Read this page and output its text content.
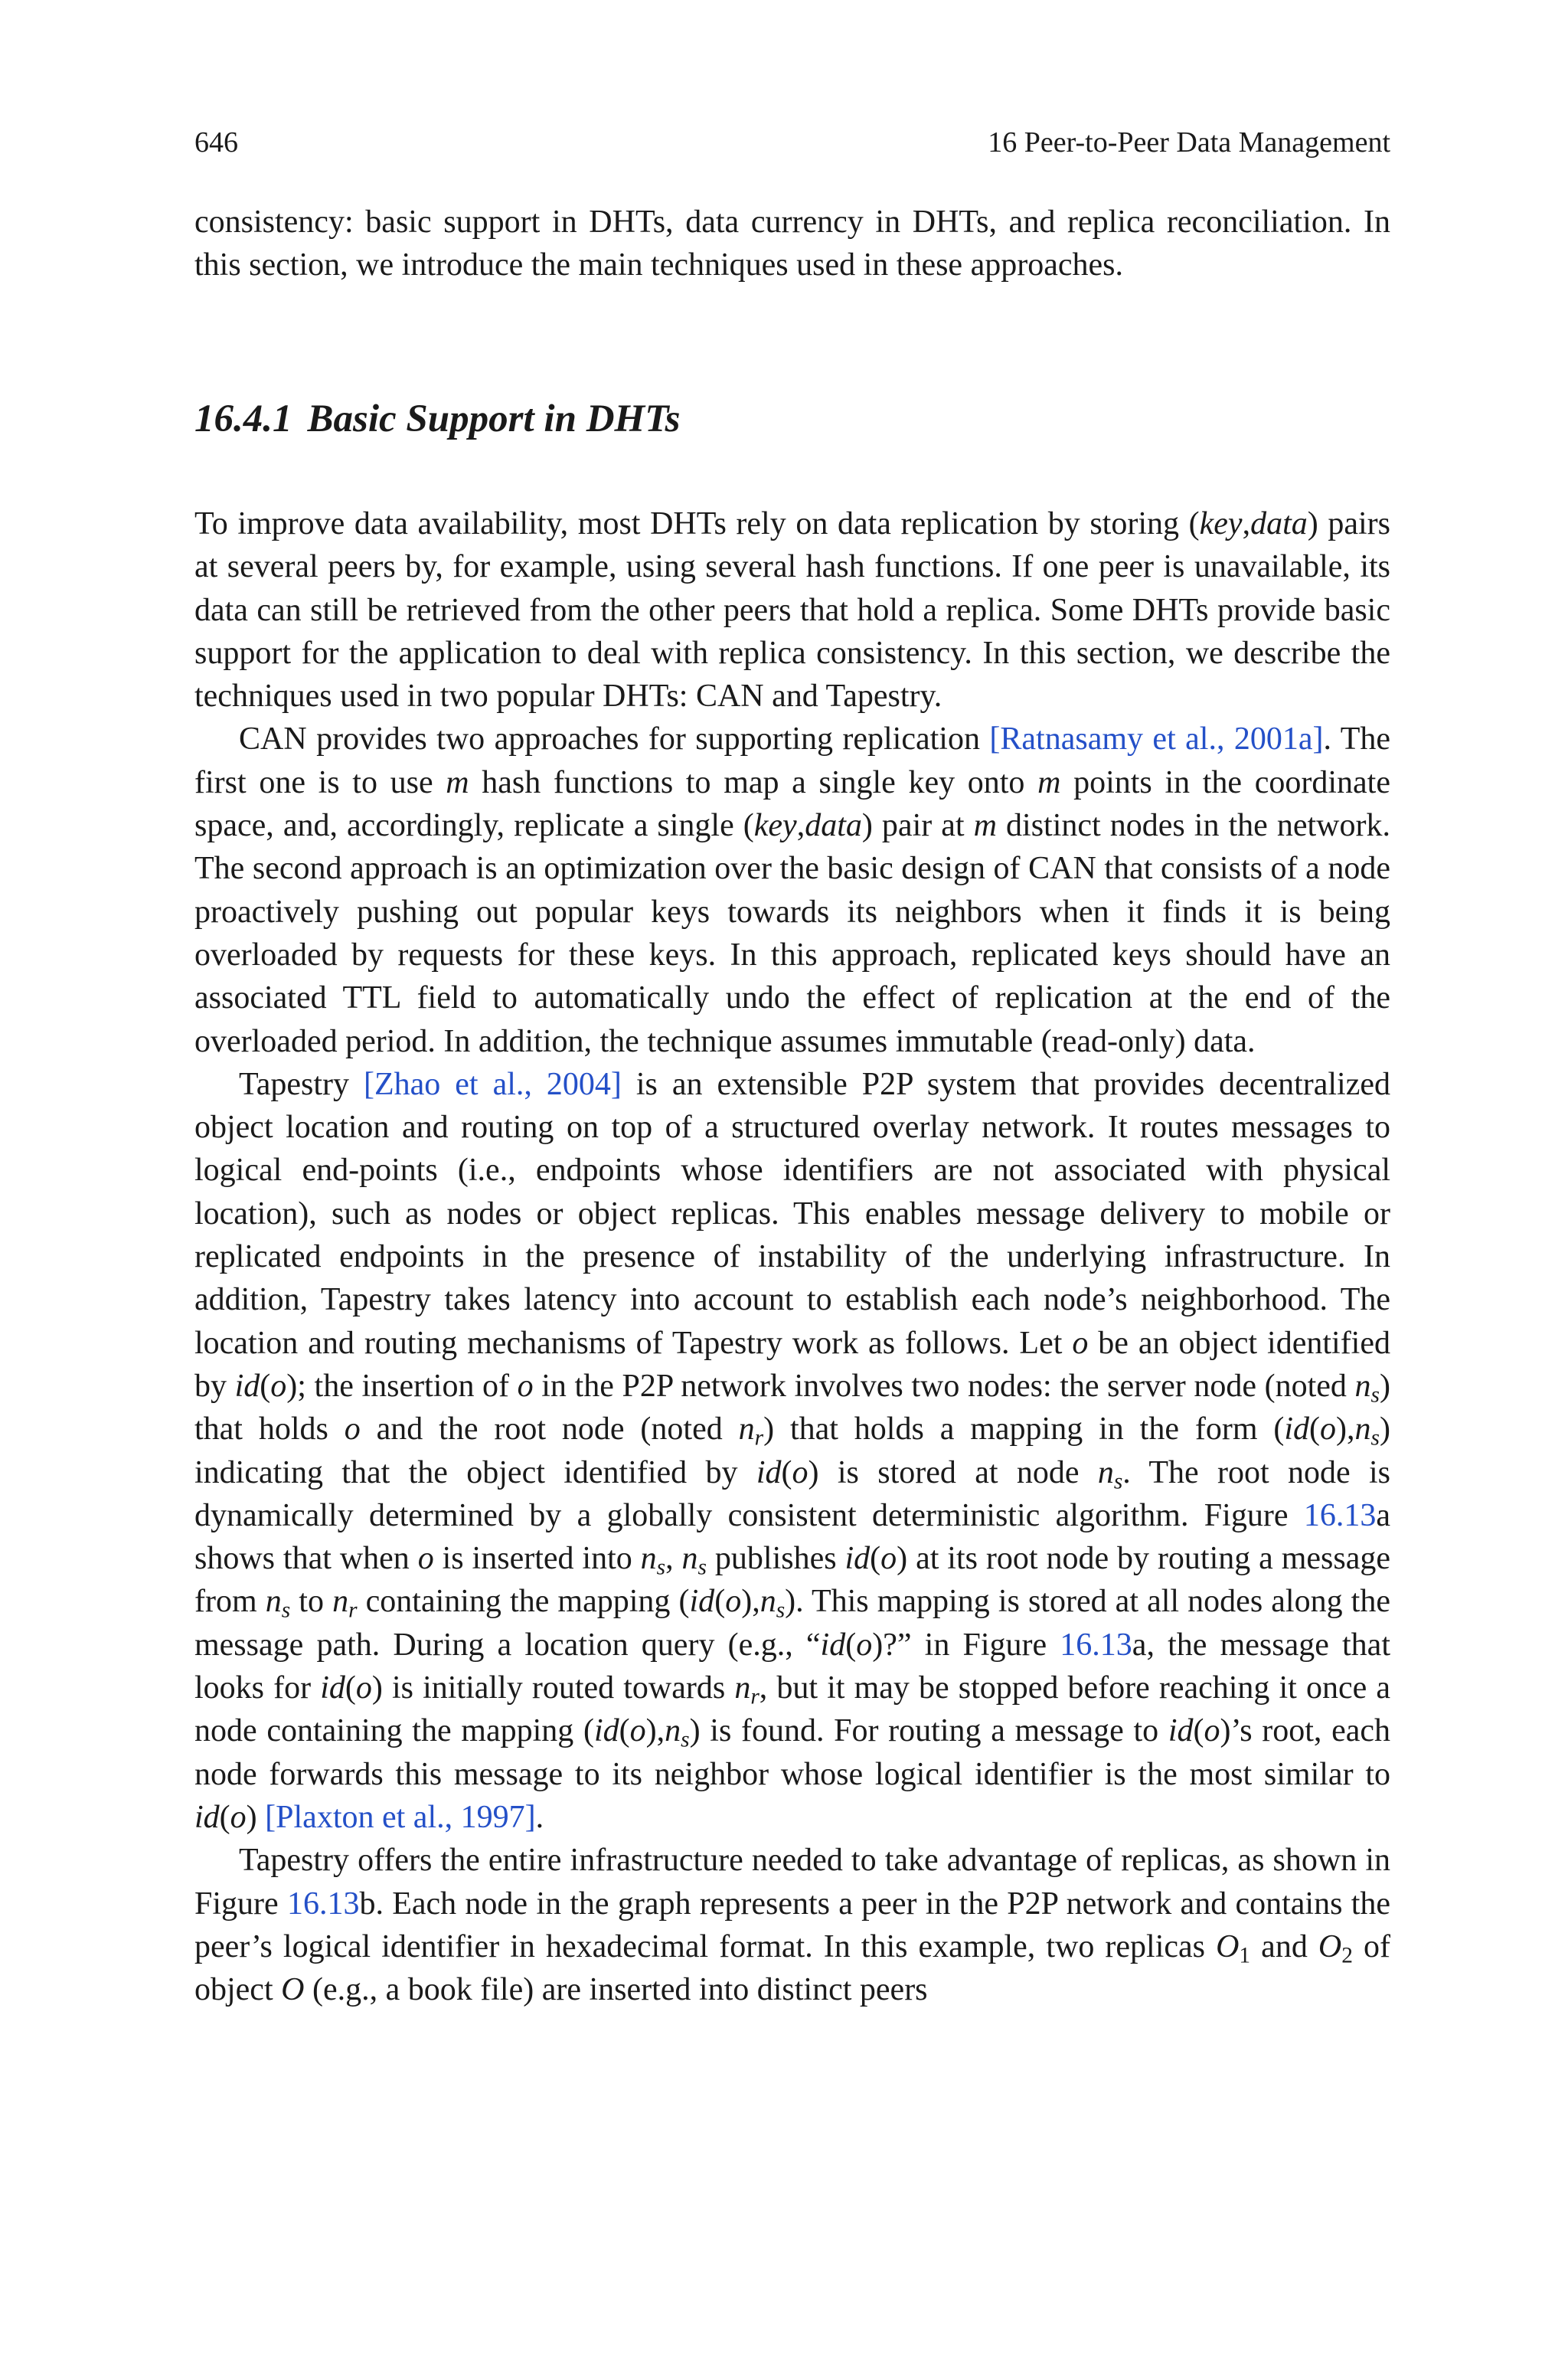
646	16 Peer-to-Peer Data Management

consistency: basic support in DHTs, data currency in DHTs, and replica reconciliation. In this section, we introduce the main techniques used in these approaches.

16.4.1 Basic Support in DHTs

To improve data availability, most DHTs rely on data replication by storing (key,data) pairs at several peers by, for example, using several hash functions. If one peer is unavailable, its data can still be retrieved from the other peers that hold a replica. Some DHTs provide basic support for the application to deal with replica consistency. In this section, we describe the techniques used in two popular DHTs: CAN and Tapestry.

CAN provides two approaches for supporting replication [Ratnasamy et al., 2001a]. The first one is to use m hash functions to map a single key onto m points in the coordinate space, and, accordingly, replicate a single (key,data) pair at m distinct nodes in the network. The second approach is an optimization over the basic design of CAN that consists of a node proactively pushing out popular keys towards its neighbors when it finds it is being overloaded by requests for these keys. In this approach, replicated keys should have an associated TTL field to automatically undo the effect of replication at the end of the overloaded period. In addition, the technique assumes immutable (read-only) data.

Tapestry [Zhao et al., 2004] is an extensible P2P system that provides decentralized object location and routing on top of a structured overlay network. It routes messages to logical end-points (i.e., endpoints whose identifiers are not associated with physical location), such as nodes or object replicas. This enables message delivery to mobile or replicated endpoints in the presence of instability of the underlying infrastructure. In addition, Tapestry takes latency into account to establish each node’s neighborhood. The location and routing mechanisms of Tapestry work as follows. Let o be an object identified by id(o); the insertion of o in the P2P network involves two nodes: the server node (noted $n_s$) that holds o and the root node (noted $n_r$) that holds a mapping in the form $(id(o),n_s)$ indicating that the object identified by id(o) is stored at node $n_s$. The root node is dynamically determined by a globally consistent deterministic algorithm. Figure 16.13a shows that when o is inserted into $n_s$, $n_s$ publishes id(o) at its root node by routing a message from $n_s$ to $n_r$ containing the mapping $(id(o),n_s)$. This mapping is stored at all nodes along the message path. During a location query (e.g., “id(o)?” in Figure 16.13a, the message that looks for id(o) is initially routed towards $n_r$, but it may be stopped before reaching it once a node containing the mapping $(id(o),n_s)$ is found. For routing a message to id(o)’s root, each node forwards this message to its neighbor whose logical identifier is the most similar to id(o) [Plaxton et al., 1997].

Tapestry offers the entire infrastructure needed to take advantage of replicas, as shown in Figure 16.13b. Each node in the graph represents a peer in the P2P network and contains the peer’s logical identifier in hexadecimal format. In this example, two replicas $O_1$ and $O_2$ of object O (e.g., a book file) are inserted into distinct peers
